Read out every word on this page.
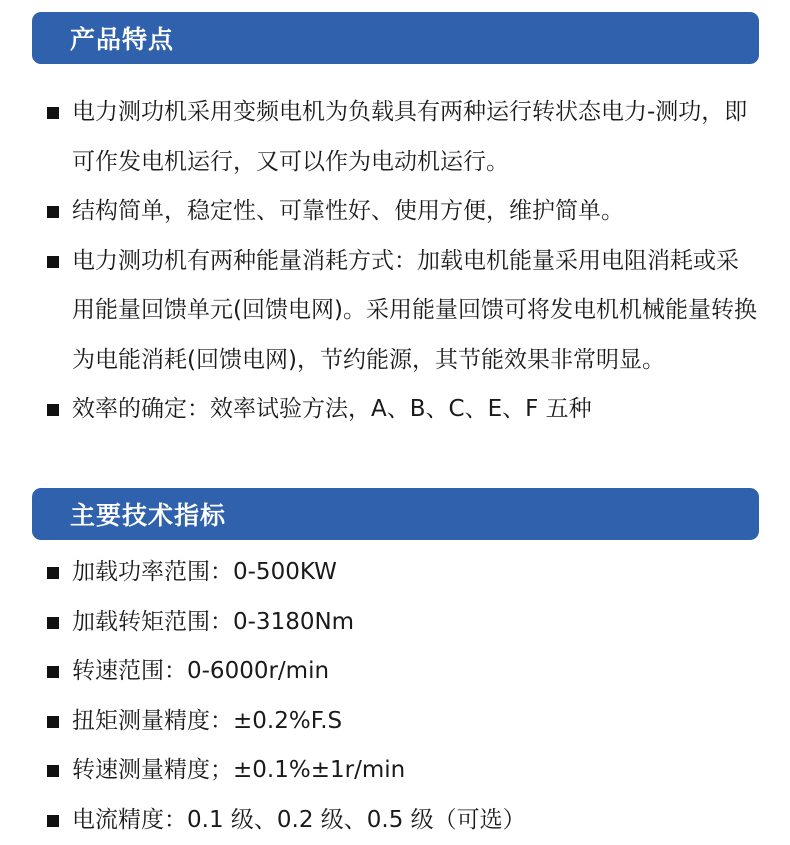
产品特点
电力测功机采用变频电机为负载具有两种运行转状态电力-测功，即可作发电机运行，又可以作为电动机运行。
结构简单，稳定性、可靠性好、使用方便，维护简单。
电力测功机有两种能量消耗方式：加载电机能量采用电阻消耗或采用能量回馈单元(回馈电网)。采用能量回馈可将发电机机械能量转换为电能消耗(回馈电网)，节约能源，其节能效果非常明显。
效率的确定：效率试验方法，A、B、C、E、F 五种
主要技术指标
加载功率范围：0-500KW
加载转矩范围：0-3180Nm
转速范围：0-6000r/min
扭矩测量精度：±0.2%F.S
转速测量精度；±0.1%±1r/min
电流精度：0.1 级、0.2 级、0.5 级（可选）
